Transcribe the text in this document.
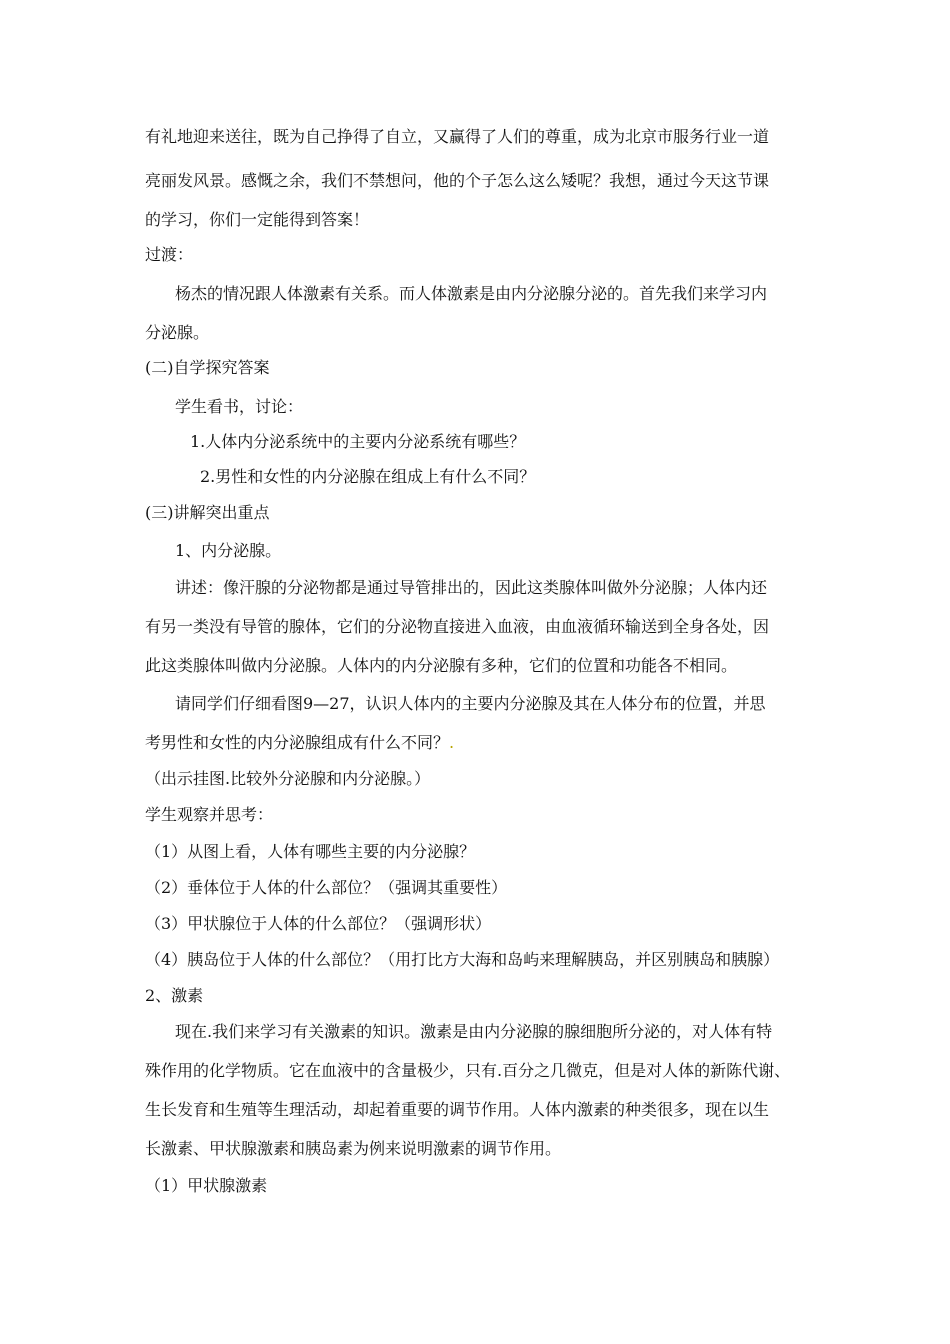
有礼地迎来送往，既为自己挣得了自立，又赢得了人们的尊重，成为北京市服务行业一道
亮丽发风景。感慨之余，我们不禁想问，他的个子怎么这么矮呢？我想，通过今天这节课
的学习，你们一定能得到答案！
过渡：
杨杰的情况跟人体激素有关系。而人体激素是由内分泌腺分泌的。首先我们来学习内
分泌腺。
(二)自学探究答案
学生看书，讨论：
1.人体内分泌系统中的主要内分泌系统有哪些？
2.男性和女性的内分泌腺在组成上有什么不同？
(三)讲解突出重点
1、内分泌腺。
讲述：像汗腺的分泌物都是通过导管排出的，因此这类腺体叫做外分泌腺；人体内还
有另一类没有导管的腺体，它们的分泌物直接进入血液，由血液循环输送到全身各处，因
此这类腺体叫做内分泌腺。人体内的内分泌腺有多种，它们的位置和功能各不相同。
请同学们仔细看图9—27，认识人体内的主要内分泌腺及其在人体分布的位置，并思
考男性和女性的内分泌腺组成有什么不同？.
（出示挂图.比较外分泌腺和内分泌腺。）
学生观察并思考：
（1）从图上看，人体有哪些主要的内分泌腺？
（2）垂体位于人体的什么部位？（强调其重要性）
（3）甲状腺位于人体的什么部位？（强调形状）
（4）胰岛位于人体的什么部位？（用打比方大海和岛屿来理解胰岛，并区别胰岛和胰腺）
2、激素
现在.我们来学习有关激素的知识。激素是由内分泌腺的腺细胞所分泌的，对人体有特
殊作用的化学物质。它在血液中的含量极少，只有.百分之几微克，但是对人体的新陈代谢、
生长发育和生殖等生理活动，却起着重要的调节作用。人体内激素的种类很多，现在以生
长激素、甲状腺激素和胰岛素为例来说明激素的调节作用。
（1）甲状腺激素
